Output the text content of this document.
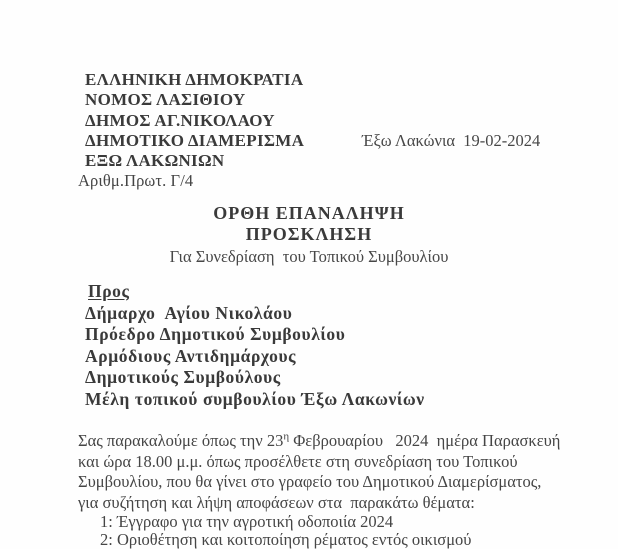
ΕΛΛΗΝΙΚΗ ΔΗΜΟΚΡΑΤΙΑ
ΝΟΜΟΣ ΛΑΣΙΘΙΟΥ
ΔΗΜΟΣ ΑΓ.ΝΙΚΟΛΑΟΥ
ΔΗΜΟΤΙΚΟ ΔΙΑΜΕΡΙΣΜΑ
ΕΞΩ ΛΑΚΩΝΙΩΝ
Αριθμ.Πρωτ. Γ/4
Έξω Λακώνια  19-02-2024
ΟΡΘΗ ΕΠΑΝΑΛΗΨΗ
ΠΡΟΣΚΛΗΣΗ
Για Συνεδρίαση  του Τοπικού Συμβουλίου
Προς
Δήμαρχο  Αγίου Νικολάου
Πρόεδρο Δημοτικού Συμβουλίου
Αρμόδιους Αντιδημάρχους
Δημοτικούς Συμβούλους
Μέλη τοπικού συμβουλίου Έξω Λακωνίων
Σας παρακαλούμε όπως την $23^\eta$ Φεβρουαρίου   2024  ημέρα Παρασκευή
και ώρα 18.00 μ.μ. όπως προσέλθετε στη συνεδρίαση του Τοπικού
Συμβουλίου, που θα γίνει στο γραφείο του Δημοτικού Διαμερίσματος,
για συζήτηση και λήψη αποφάσεων στα  παρακάτω θέματα:
1: Έγγραφο για την αγροτική οδοποιία 2024
2: Οριοθέτηση και κοιτοποίηση ρέματος εντός οικισμού
